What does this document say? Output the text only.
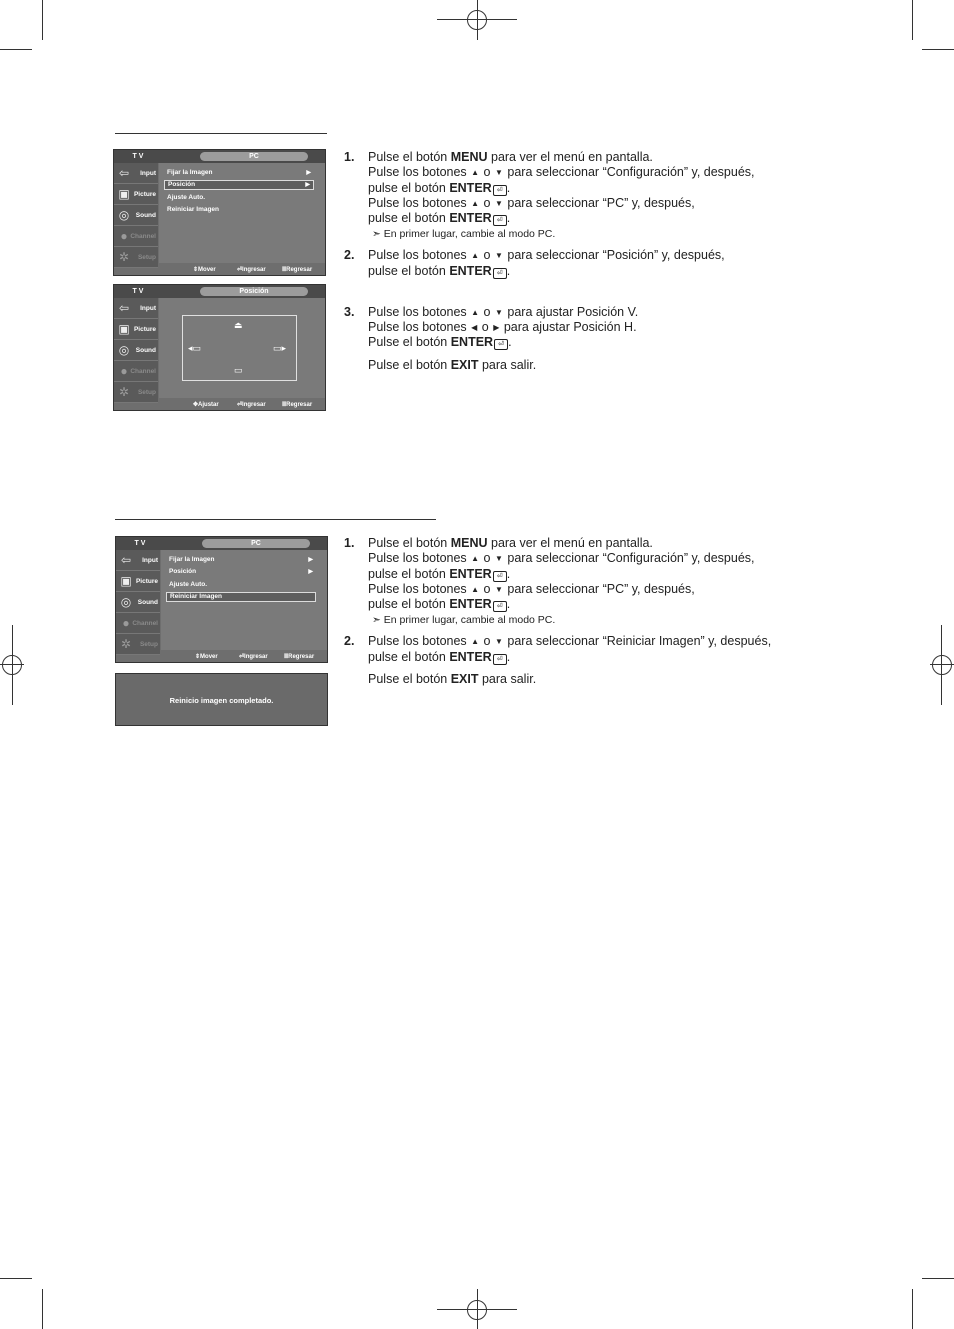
T V	PC
⇦	Input
▣ Picture
◎ Sound
● Channel
✲	Setup
Fijar la Imagen	▶
Posición	▶
Ajuste Auto.
Reiniciar Imagen
⇕Mover	⏎Ingresar	ⅢRegresar
T V	Posición
⇦	Input
▣ Picture
◎ Sound
● Channel
✲	Setup
⏏
◂▭	▭▸
▭
✥Ajustar	⏎Ingresar	ⅢRegresar
T V	PC
⇦	Input
▣ Picture
◎ Sound
● Channel
✲	Setup
Fijar la Imagen	▶
Posición	▶
Ajuste Auto.
Reiniciar Imagen
⇕Mover	⏎Ingresar	ⅢRegresar
Reinicio imagen completado.
1. Pulse el botón MENU para ver el menú en pantalla.
Pulse los botones ▲ o ▼ para seleccionar “Configuración” y, después,
pulse el botón ENTER ⏎ .
Pulse los botones ▲ o ▼ para seleccionar “PC” y, después,
pulse el botón ENTER ⏎ .
➣ En primer lugar, cambie al modo PC.
2. Pulse los botones ▲ o ▼ para seleccionar “Posición” y, después,
pulse el botón ENTER ⏎ .
3. Pulse los botones ▲ o ▼ para ajustar Posición V.
Pulse los botones ◀ o ▶ para ajustar Posición H.
Pulse el botón ENTER ⏎ .
Pulse el botón EXIT para salir.
1. Pulse el botón MENU para ver el menú en pantalla.
Pulse los botones ▲ o ▼ para seleccionar “Configuración” y, después,
pulse el botón ENTER ⏎ .
Pulse los botones ▲ o ▼ para seleccionar “PC” y, después,
pulse el botón ENTER ⏎ .
➣ En primer lugar, cambie al modo PC.
2. Pulse los botones ▲ o ▼ para seleccionar “Reiniciar Imagen” y, después,
pulse el botón ENTER ⏎ .
Pulse el botón EXIT para salir.
